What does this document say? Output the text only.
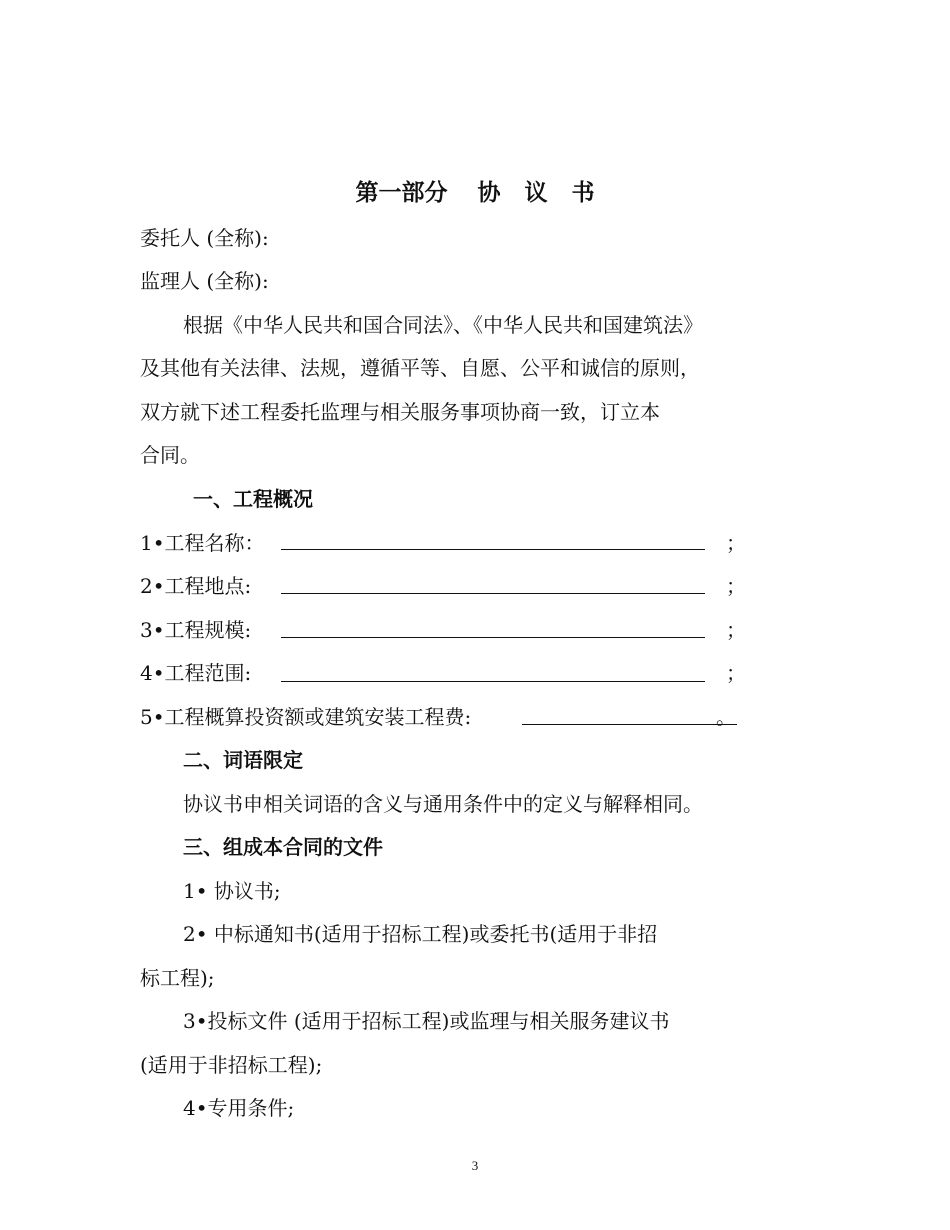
第一部分 协 议 书
委托人 (全称):
监理人 (全称):
根据《中华人民共和国合同法》、《中华人民共和国建筑法》
及其他有关法律、法规，遵循平等、自愿、公平和诚信的原则，
双方就下述工程委托监理与相关服务事项协商一致，订立本
合同。
一、工程概况
1•工程名称：	；
2•工程地点:	；
3•工程规模:	；
4•工程范围:	；
5•工程概算投资额或建筑安装工程费:	。
二、词语限定
协议书申相关词语的含义与通用条件中的定义与解释相同。
三、组成本合同的文件
1• 协议书;
2• 中标通知书(适用于招标工程)或委托书(适用于非招
标工程);
3•投标文件 (适用于招标工程)或监理与相关服务建议书
(适用于非招标工程);
4•专用条件;
3
